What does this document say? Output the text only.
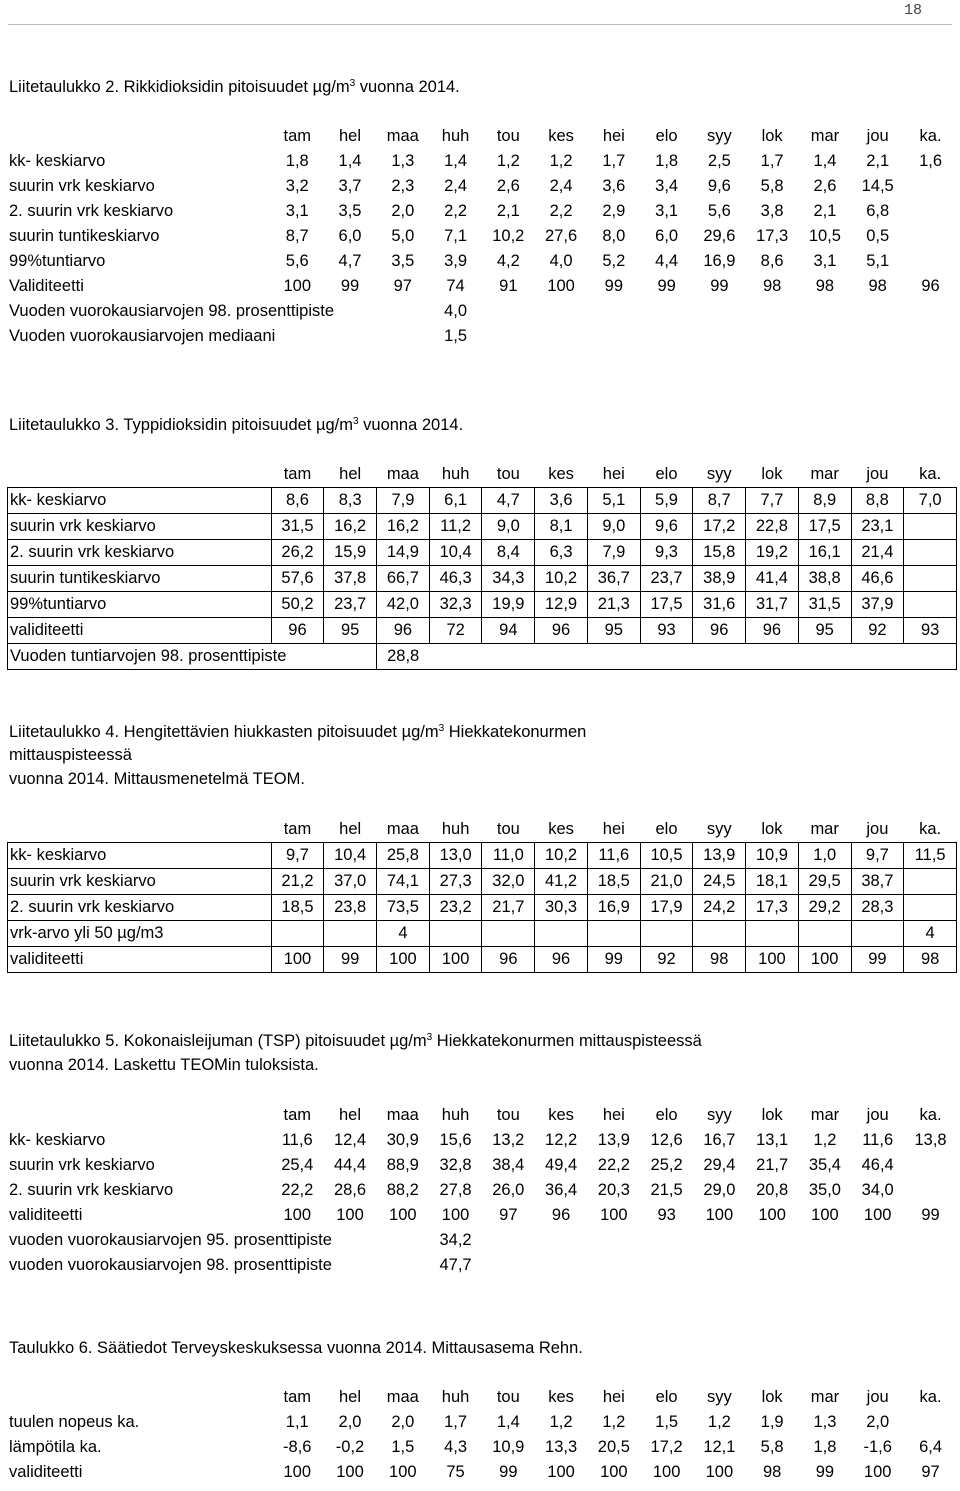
18
Liitetaulukko 2. Rikkidioksidin pitoisuudet $\mu g/m^3$ vuonna 2014.
	tam	hel	maa	huh	tou	kes	hei	elo	syy	lok	mar	jou	ka.
kk- keskiarvo	1,8	1,4	1,3	1,4	1,2	1,2	1,7	1,8	2,5	1,7	1,4	2,1	1,6
suurin vrk keskiarvo	3,2	3,7	2,3	2,4	2,6	2,4	3,6	3,4	9,6	5,8	2,6	14,5	
2. suurin vrk keskiarvo	3,1	3,5	2,0	2,2	2,1	2,2	2,9	3,1	5,6	3,8	2,1	6,8	
suurin tuntikeskiarvo	8,7	6,0	5,0	7,1	10,2	27,6	8,0	6,0	29,6	17,3	10,5	0,5	
99%tuntiarvo	5,6	4,7	3,5	3,9	4,2	4,0	5,2	4,4	16,9	8,6	3,1	5,1	
Validiteetti	100	99	97	74	91	100	99	99	99	98	98	98	96
Vuoden vuorokausiarvojen 98. prosenttipiste				4,0									
Vuoden vuorokausiarvojen mediaani				1,5									
Liitetaulukko 3. Typpidioksidin pitoisuudet $\mu g/m^3$ vuonna 2014.
	tam	hel	maa	huh	tou	kes	hei	elo	syy	lok	mar	jou	ka.
kk- keskiarvo	8,6	8,3	7,9	6,1	4,7	3,6	5,1	5,9	8,7	7,7	8,9	8,8	7,0
suurin vrk keskiarvo	31,5	16,2	16,2	11,2	9,0	8,1	9,0	9,6	17,2	22,8	17,5	23,1	
2. suurin vrk keskiarvo	26,2	15,9	14,9	10,4	8,4	6,3	7,9	9,3	15,8	19,2	16,1	21,4	
suurin tuntikeskiarvo	57,6	37,8	66,7	46,3	34,3	10,2	36,7	23,7	38,9	41,4	38,8	46,6	
99%tuntiarvo	50,2	23,7	42,0	32,3	19,9	12,9	21,3	17,5	31,6	31,7	31,5	37,9	
validiteetti	96	95	96	72	94	96	95	93	96	96	95	92	93
Vuoden tuntiarvojen 98. prosenttipiste			28,8										
Liitetaulukko 4. Hengitettävien hiukkasten pitoisuudet $\mu g/m^3$ Hiekkatekonurmen
mittauspisteessä
vuonna 2014. Mittausmenetelmä TEOM.
	tam	hel	maa	huh	tou	kes	hei	elo	syy	lok	mar	jou	ka.
kk- keskiarvo	9,7	10,4	25,8	13,0	11,0	10,2	11,6	10,5	13,9	10,9	1,0	9,7	11,5
suurin vrk keskiarvo	21,2	37,0	74,1	27,3	32,0	41,2	18,5	21,0	24,5	18,1	29,5	38,7	
2. suurin vrk keskiarvo	18,5	23,8	73,5	23,2	21,7	30,3	16,9	17,9	24,2	17,3	29,2	28,3	
vrk-arvo yli 50 µg/m3			4										4
validiteetti	100	99	100	100	96	96	99	92	98	100	100	99	98
Liitetaulukko 5. Kokonaisleijuman (TSP) pitoisuudet $\mu g/m^3$ Hiekkatekonurmen mittauspisteessä
vuonna 2014. Laskettu TEOMin tuloksista.
	tam	hel	maa	huh	tou	kes	hei	elo	syy	lok	mar	jou	ka.
kk- keskiarvo	11,6	12,4	30,9	15,6	13,2	12,2	13,9	12,6	16,7	13,1	1,2	11,6	13,8
suurin vrk keskiarvo	25,4	44,4	88,9	32,8	38,4	49,4	22,2	25,2	29,4	21,7	35,4	46,4	
2. suurin vrk keskiarvo	22,2	28,6	88,2	27,8	26,0	36,4	20,3	21,5	29,0	20,8	35,0	34,0	
validiteetti	100	100	100	100	97	96	100	93	100	100	100	100	99
vuoden vuorokausiarvojen 95. prosenttipiste				34,2									
vuoden vuorokausiarvojen 98. prosenttipiste				47,7									
Taulukko 6. Säätiedot Terveyskeskuksessa vuonna 2014. Mittausasema Rehn.
	tam	hel	maa	huh	tou	kes	hei	elo	syy	lok	mar	jou	ka.
tuulen nopeus ka.	1,1	2,0	2,0	1,7	1,4	1,2	1,2	1,5	1,2	1,9	1,3	2,0	
lämpötila ka.	-8,6	-0,2	1,5	4,3	10,9	13,3	20,5	17,2	12,1	5,8	1,8	-1,6	6,4
validiteetti	100	100	100	75	99	100	100	100	100	98	99	100	97
